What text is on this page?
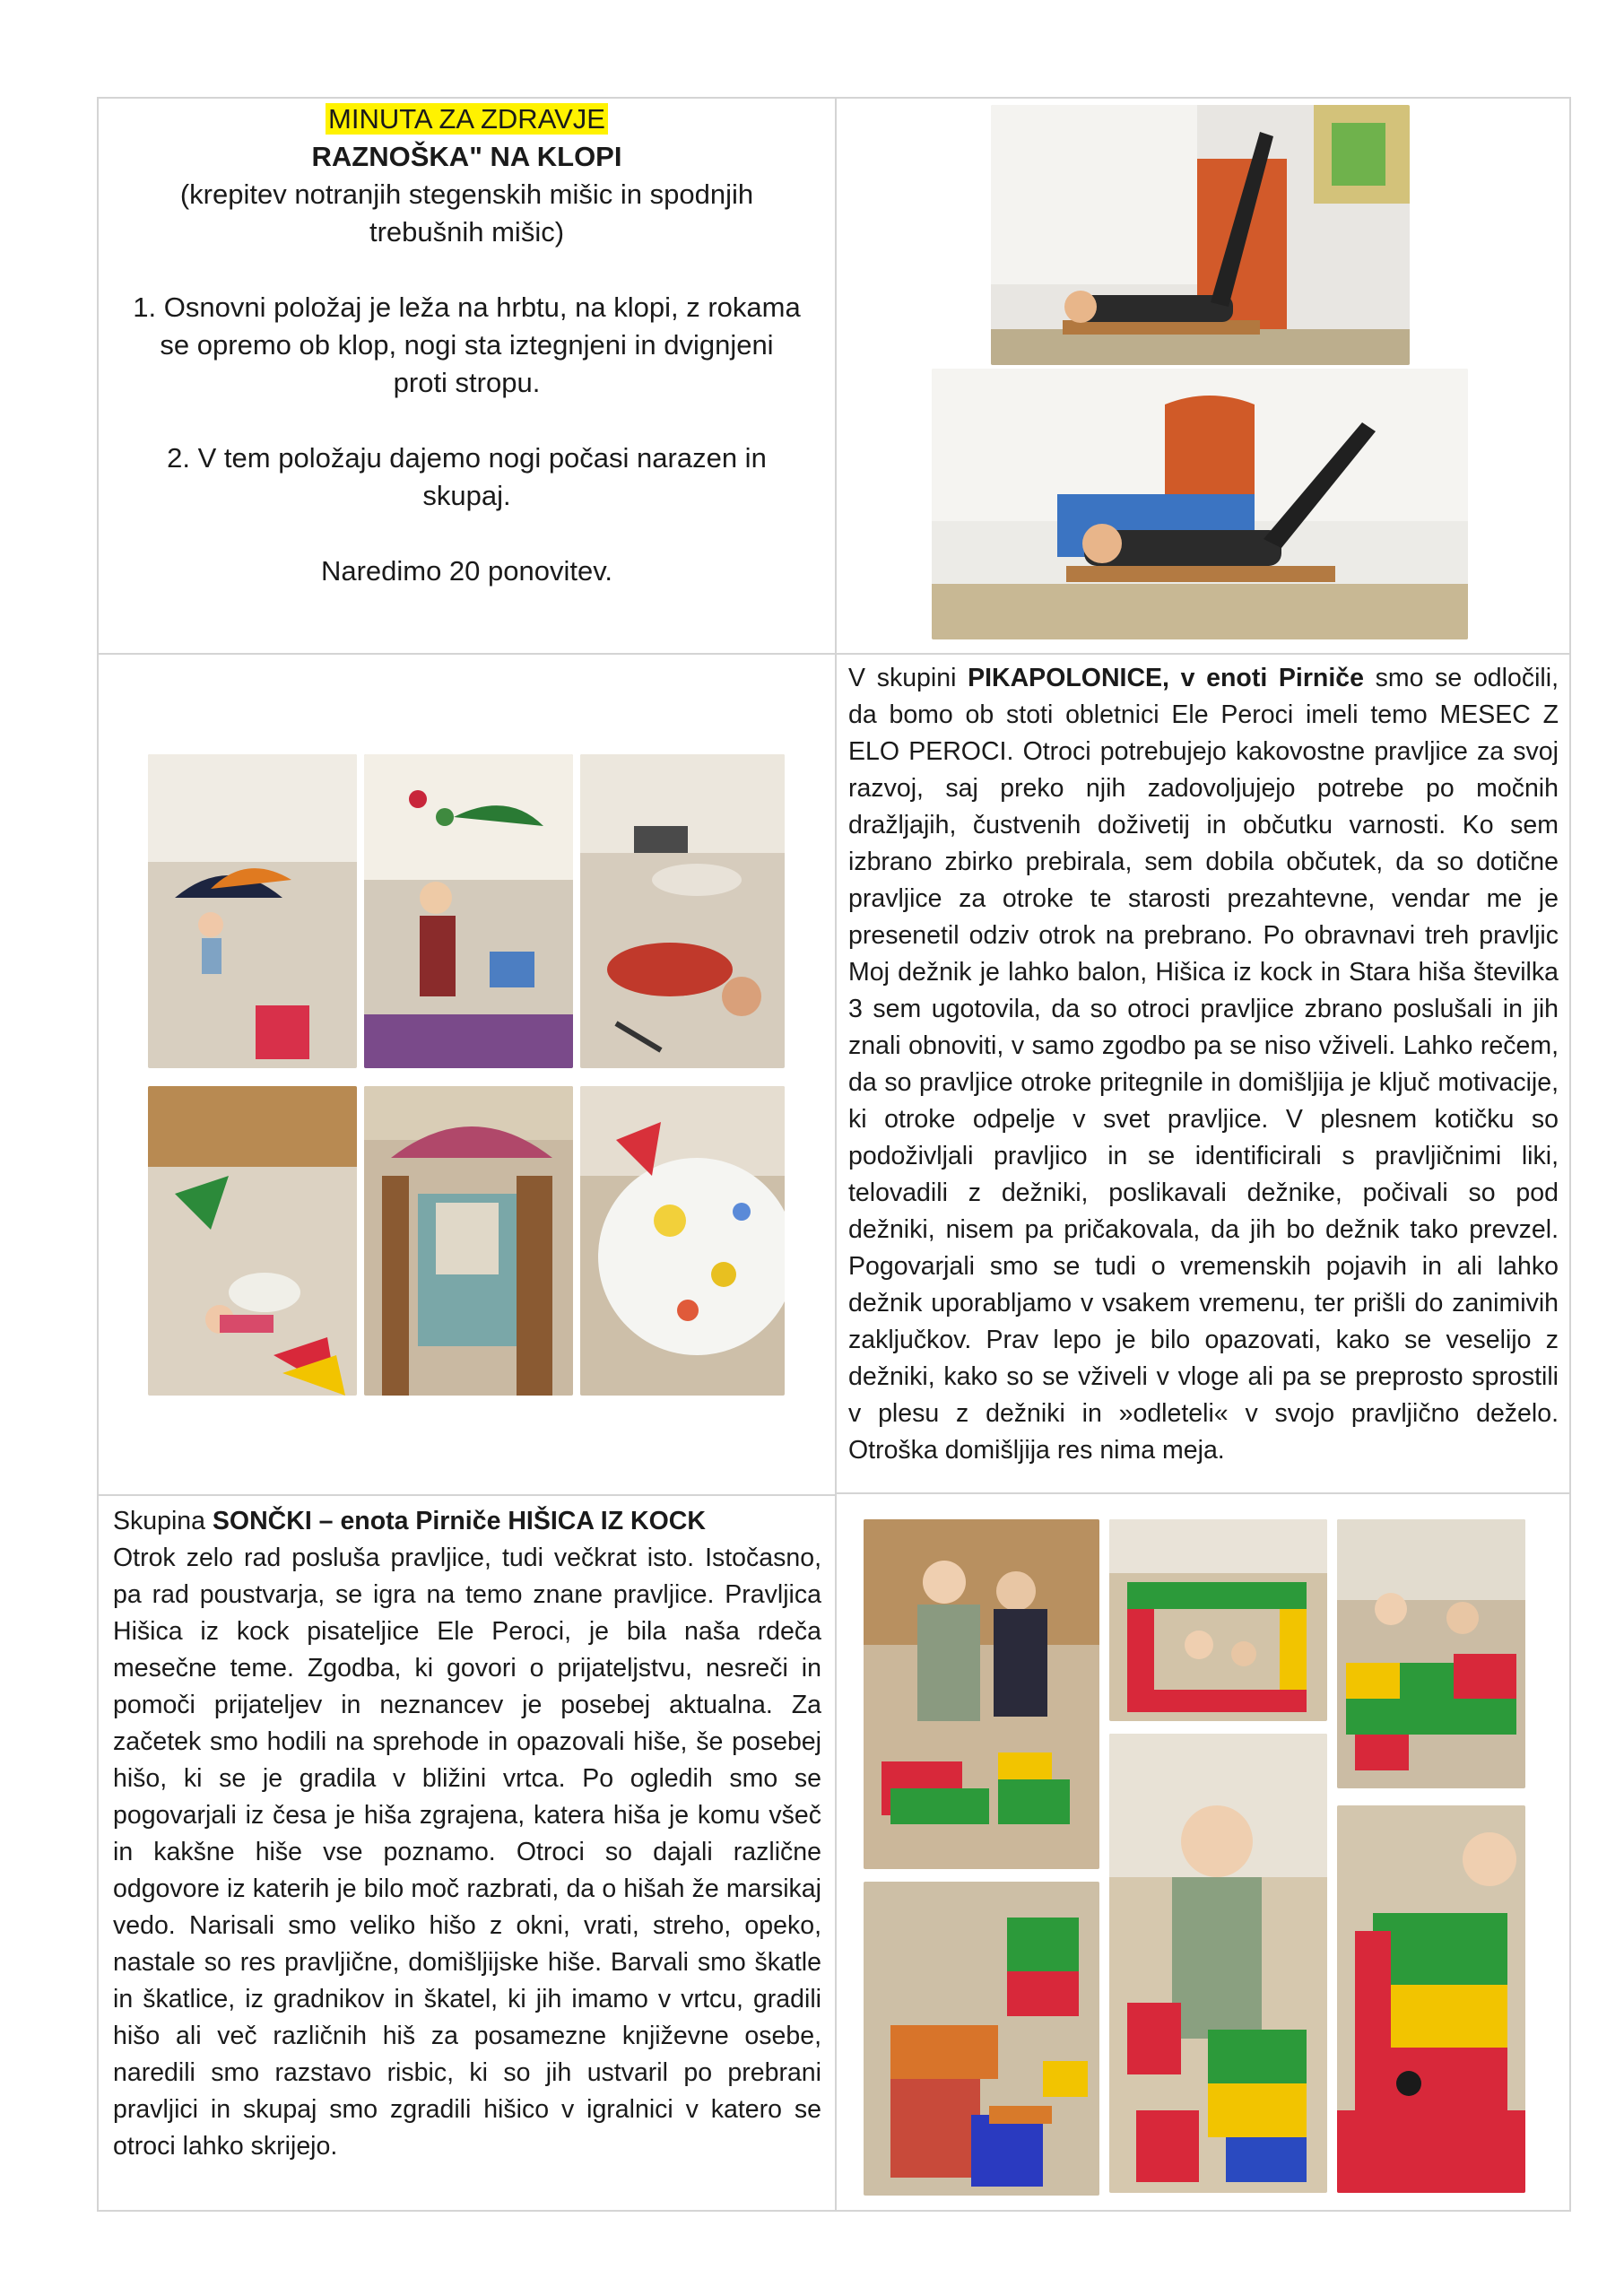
MINUTA ZA ZDRAVJE

RAZNOŠKA" NA KLOPI

(krepitev notranjih stegenskih mišic in spodnjih trebušnih mišic)

1. Osnovni položaj je leža na hrbtu, na klopi, z rokama se opremo ob klop, nogi sta iztegnjeni in dvignjeni proti stropu.

2. V tem položaju dajemo nogi počasi narazen in skupaj.

Naredimo 20 ponovitev.

V skupini PIKAPOLONICE, v enoti Pirniče smo se odločili, da bomo ob stoti obletnici Ele Peroci imeli temo MESEC Z ELO PEROCI. Otroci potrebujejo kakovostne pravljice za svoj razvoj, saj preko njih zadovoljujejo potrebe po močnih dražljajih, čustvenih doživetij in občutku varnosti. Ko sem izbrano zbirko prebirala, sem dobila občutek, da so dotične pravljice za otroke te starosti prezahtevne, vendar me je presenetil odziv otrok na prebrano. Po obravnavi treh pravljic Moj dežnik je lahko balon, Hišica iz kock in Stara hiša številka 3 sem ugotovila, da so otroci pravljice zbrano poslušali in jih znali obnoviti, v samo zgodbo pa se niso vživeli. Lahko rečem, da so pravljice otroke pritegnile in domišljija je ključ motivacije, ki otroke odpelje v svet pravljice. V plesnem kotičku so podoživljali pravljico in se identificirali s pravljičnimi liki, telovadili z dežniki, poslikavali dežnike, počivali so pod dežniki, nisem pa pričakovala, da jih bo dežnik tako prevzel. Pogovarjali smo se tudi o vremenskih pojavih in ali lahko dežnik uporabljamo v vsakem vremenu, ter prišli do zanimivih zaključkov. Prav lepo je bilo opazovati, kako se veselijo z dežniki, kako so se vživeli v vloge ali pa se preprosto sprostili v plesu z dežniki in »odleteli« v svojo pravljično deželo. Otroška domišljija res nima meja.

Skupina SONČKI – enota Pirniče HIŠICA IZ KOCK

Otrok zelo rad posluša pravljice, tudi večkrat isto. Istočasno, pa rad poustvarja, se igra na temo znane pravljice. Pravljica Hišica iz kock pisateljice Ele Peroci, je bila naša rdeča mesečne teme. Zgodba, ki govori o prijateljstvu, nesreči in pomoči prijateljev in neznancev je posebej aktualna. Za začetek smo hodili na sprehode in opazovali hiše, še posebej hišo, ki se je gradila v bližini vrtca. Po ogledih smo se pogovarjali iz česa je hiša zgrajena, katera hiša je komu všeč in kakšne hiše vse poznamo. Otroci so dajali različne odgovore iz katerih je bilo moč razbrati, da o hišah že marsikaj vedo. Narisali smo veliko hišo z okni, vrati, streho, opeko, nastale so res pravljične, domišljijske hiše. Barvali smo škatle in škatlice, iz gradnikov in škatel, ki jih imamo v vrtcu, gradili hišo ali več različnih hiš za posamezne književne osebe, naredili smo razstavo risbic, ki so jih ustvaril po prebrani pravljici in skupaj smo zgradili hišico v igralnici v katero se otroci lahko skrijejo.
